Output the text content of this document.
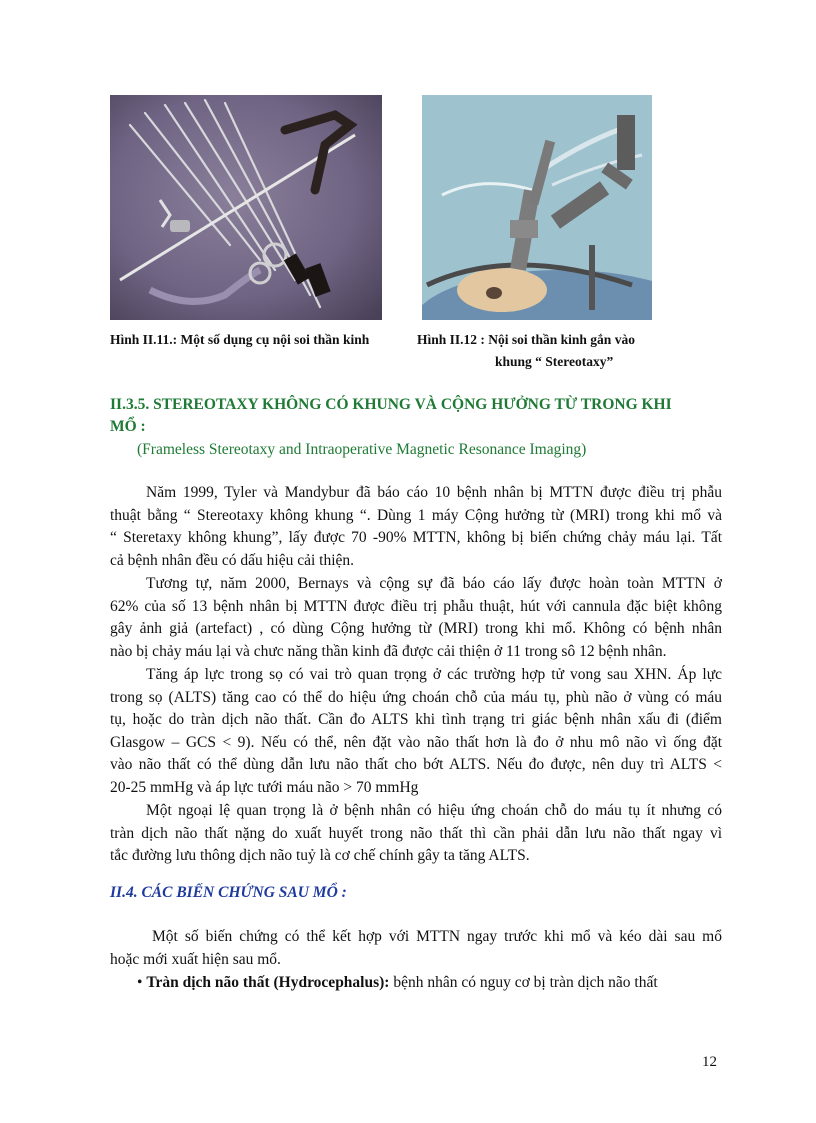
Hình II.11.: Một số dụng cụ nội soi thần kinh	Hình II.12 : Nội soi thần kinh gắn vào
khung “ Stereotaxy”
II.3.5. STEREOTAXY KHÔNG CÓ KHUNG VÀ CỘNG HƯỞNG TỪ TRONG KHI
MỔ :
(Frameless Stereotaxy and Intraoperative Magnetic Resonance Imaging)
Năm 1999, Tyler và Mandybur đã báo cáo 10 bệnh nhân bị MTTN được điều trị phẫu
thuật bằng “ Stereotaxy không khung “. Dùng 1 máy Cộng hưởng từ (MRI) trong khi mổ và
“ Steretaxy không khung”, lấy được 70 -90% MTTN, không bị biến chứng chảy máu lại. Tất
cả bệnh nhân đều có dấu hiệu cải thiện.
Tương tự, năm 2000, Bernays và cộng sự đã báo cáo lấy được hoàn toàn MTTN ở
62% của số 13 bệnh nhân bị MTTN được điều trị phẫu thuật, hút với cannula đặc biệt không
gây ảnh giả (artefact) , có dùng Cộng hưởng từ (MRI) trong khi mổ. Không có bệnh nhân
nào bị chảy máu lại và chưc năng thần kinh đã được cải thiện ở 11 trong sô 12 bệnh nhân.
Tăng áp lực trong sọ có vai trò quan trọng ở các trường hợp tử vong sau XHN. Áp lực
trong sọ (ALTS) tăng cao có thể do hiệu ứng choán chỗ của máu tụ, phù não ở vùng có máu
tụ, hoặc do tràn dịch não thất. Cần đo ALTS khi tình trạng tri giác bệnh nhân xấu đi (điểm
Glasgow – GCS < 9). Nếu có thể, nên đặt vào não thất hơn là đo ở nhu mô não vì ống đặt
vào não thất có thể dùng dẫn lưu não thất cho bớt ALTS. Nếu đo được, nên duy trì ALTS <
20-25 mmHg và áp lực tưới máu não > 70 mmHg
Một ngoại lệ quan trọng là ở bệnh nhân có hiệu ứng choán chỗ do máu tụ ít nhưng có
tràn dịch não thất nặng do xuất huyết trong não thất thì cần phải dẫn lưu não thất ngay vì
tắc đường lưu thông dịch não tuỷ là cơ chế chính gây ta tăng ALTS.
II.4. CÁC BIẾN CHỨNG SAU MỔ :
Một số biến chứng có thể kết hợp với MTTN ngay trước khi mổ và kéo dài sau mổ
hoặc mới xuất hiện sau mổ.
• Tràn dịch não thất (Hydrocephalus): bệnh nhân có nguy cơ bị tràn dịch não thất
12
